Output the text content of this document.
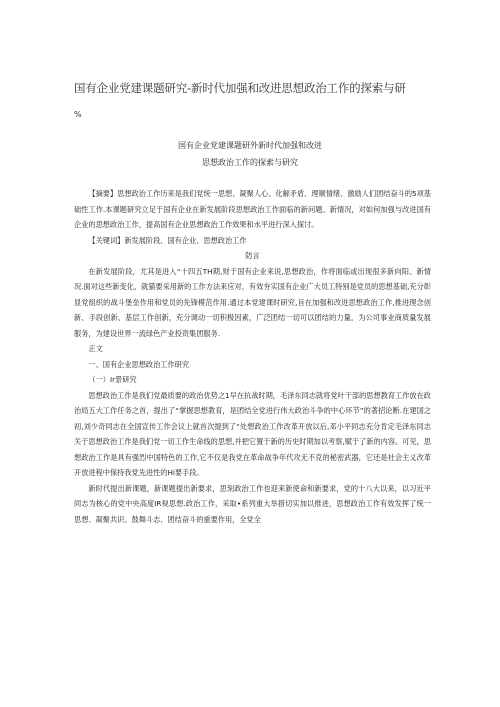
国有企业党建课题研究-新时代加强和改进思想政治工作的探索与研
%
国有企业党建课题研外新时代加强和改进
思想政治工作的探索与研究

【摘要】思想政治工作历来是我们党统一思想、凝聚人心、化解矛盾、理顺情绪、激励人们团结奋斗的5项基础性工作.本课题研究立足于国有企业在新发展阶段思想政治工作面临的新问题、新情况，对如何加强与改进国有企业的思想政治工作，提高国有企业思想政治工作效果和水平进行深入探讨。

【关键词】新发展阶段、国有企业、思想政治工作

防言

在新发展阶段，尤其是进入“十四五TH期,财于国有企业来说,思想政治，作将面临或出现很多新向阳、新情况.面对这些新变化，就猫要采用新的工作方法来应对，有效夯实国有企业广大员工特别是党员的思想基础,充分彰显党组织的战斗堡垒作用和党员的先锋模范作用.通过本党建课时研究,旨在加强和改进思想政治工作,推进理念创新、手段创新、基层工作创新，充分调动一切积极因素，广泛团结一切可以团结的力量，为公司事业商质量发展服务，为建设世界一流绿色产业投资集团服务.

正文

一、国有企业思想政治工作研究

（一）Ir景研究

思想政治工作是我们党最质要的政治优势之1早在抗战时期，毛泽东同志就将党叶干部的思想教育工作放在政治局五大工作任务之首，提出了“掌握思想教育，是团结全党进行伟大政治斗争的中心环节”的著招论断.在建国之初,刘少奇同志在全国宣传工作会议上就首次提到了“处想政治工作改革开放以后,邓小平同志充分肯定毛泽东同志关于思想政治工作是我们党一切工作生命线的思想,并把它置于新的历史时期加以考察,赋于了新的内容。可见，思想政治工作是具有强烈中国特色的工作,它不仅是我党在革命战争年代攻无不克的秘密武器，它还是社会主义改革开放进程中保持我党先进性的Hi要手段。

新时代提出新课题，新课题提出新要求，思刻政治工作也迎来新使命和新要求，党的十八大以来，以习近平同志为核心的党中央高度IR视思想.政治工作，采取•系列重大举措切实加以推进，思想政治工作有效发挥了统一思想、凝聚共识、鼓舞斗志、团结奋斗的重要作用，全党全
